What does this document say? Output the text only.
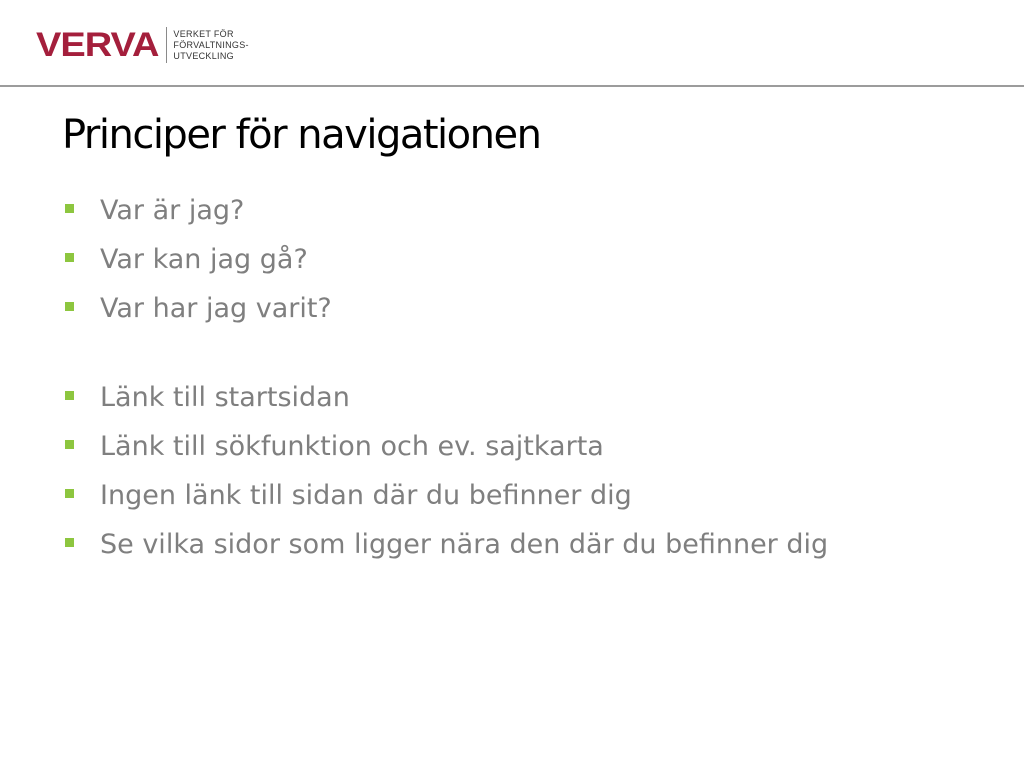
VERVA VERKET FÖR
FÖRVALTNINGS-
UTVECKLING
Principer för navigationen
Var är jag?
Var kan jag gå?
Var har jag varit?
Länk till startsidan
Länk till sökfunktion och ev. sajtkarta
Ingen länk till sidan där du befinner dig
Se vilka sidor som ligger nära den där du befinner dig
